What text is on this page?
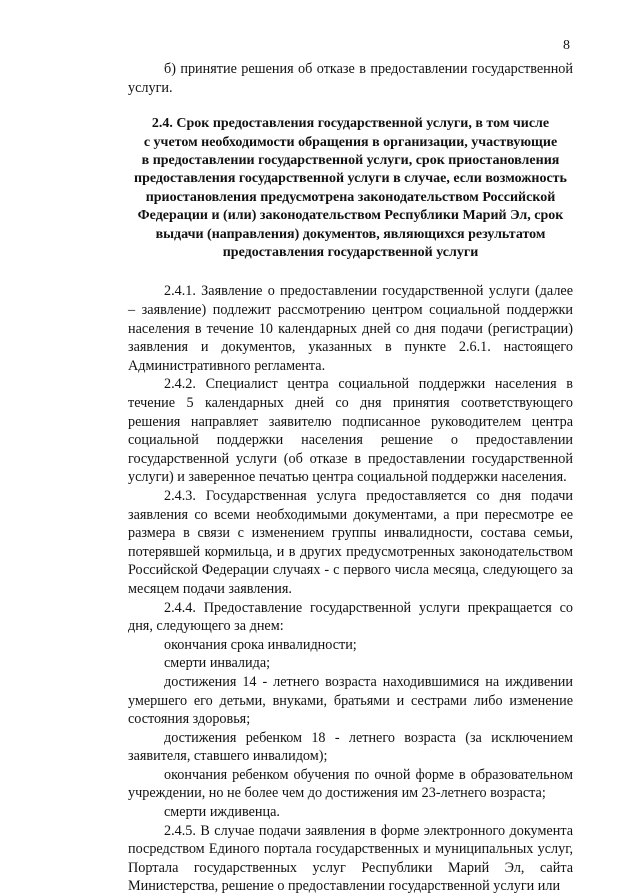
8

б) принятие решения об отказе в предоставлении государственной услуги.

2.4. Срок предоставления государственной услуги, в том числе
с учетом необходимости обращения в организации, участвующие
в предоставлении государственной услуги, срок приостановления
предоставления государственной услуги в случае, если возможность
приостановления предусмотрена законодательством Российской
Федерации и (или) законодательством Республики Марий Эл, срок
выдачи (направления) документов, являющихся результатом
предоставления государственной услуги

2.4.1. Заявление о предоставлении государственной услуги (далее – заявление) подлежит рассмотрению центром социальной поддержки населения в течение 10 календарных дней со дня подачи (регистрации) заявления и документов, указанных в пункте 2.6.1. настоящего Административного регламента.

2.4.2. Специалист центра социальной поддержки населения в течение 5 календарных дней со дня принятия соответствующего решения направляет заявителю подписанное руководителем центра социальной поддержки населения решение о предоставлении государственной услуги (об отказе в предоставлении государственной услуги) и заверенное печатью центра социальной поддержки населения.

2.4.3. Государственная услуга предоставляется со дня подачи заявления со всеми необходимыми документами, а при пересмотре ее размера в связи с изменением группы инвалидности, состава семьи, потерявшей кормильца, и в других предусмотренных законодательством Российской Федерации случаях - с первого числа месяца, следующего за месяцем подачи заявления.

2.4.4. Предоставление государственной услуги прекращается со дня, следующего за днем:

окончания срока инвалидности;

смерти инвалида;

достижения 14 - летнего возраста находившимися на иждивении умершего его детьми, внуками, братьями и сестрами либо изменение состояния здоровья;

достижения ребенком 18 - летнего возраста (за исключением заявителя, ставшего инвалидом);

окончания ребенком обучения по очной форме в образовательном учреждении, но не более чем до достижения им 23-летнего возраста;

смерти иждивенца.

2.4.5. В случае подачи заявления в форме электронного документа посредством Единого портала государственных и муниципальных услуг, Портала государственных услуг Республики Марий Эл, сайта Министерства, решение о предоставлении государственной услуги или
